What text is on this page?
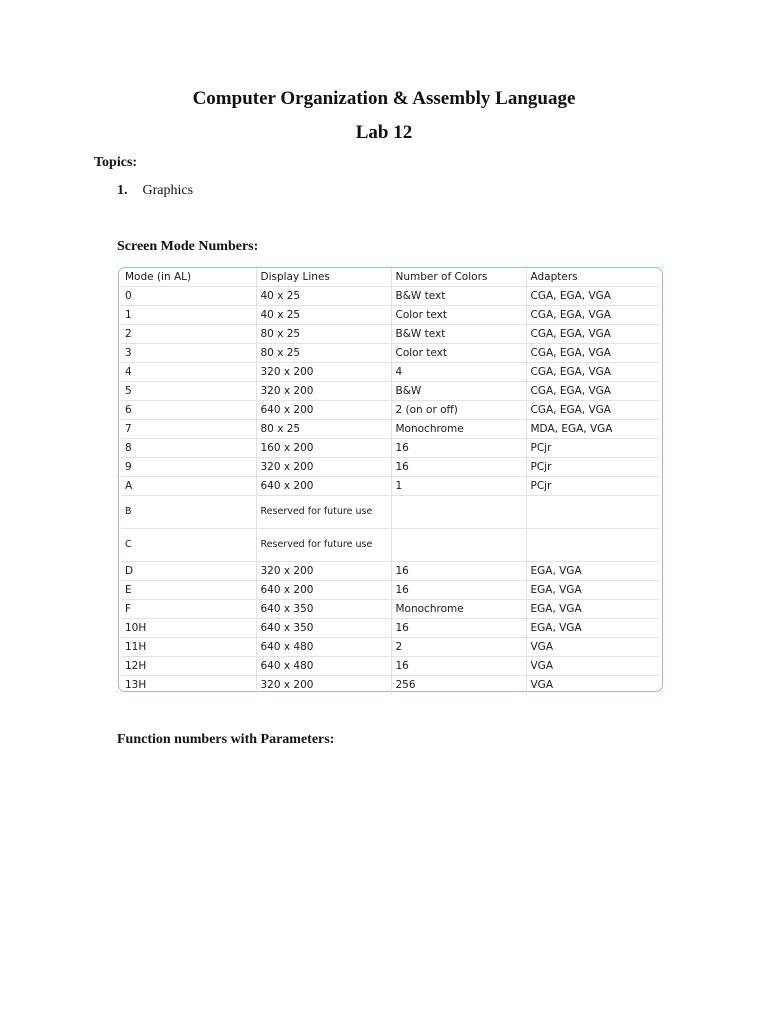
Computer Organization & Assembly Language
Lab 12
Topics:
1. Graphics
Screen Mode Numbers:
·	·
·	·
·	·	·
Mode (in AL)	Display Lines	Number of Colors	Adapters
0	40 x 25	B&W text	CGA, EGA, VGA
1	40 x 25	Color text	CGA, EGA, VGA
2	80 x 25	B&W text	CGA, EGA, VGA
3	80 x 25	Color text	CGA, EGA, VGA
4	320 x 200	4	CGA, EGA, VGA
5	320 x 200	B&W	CGA, EGA, VGA
6	640 x 200	2 (on or off)	CGA, EGA, VGA
7	80 x 25	Monochrome	MDA, EGA, VGA
8	160 x 200	16	PCjr
9	320 x 200	16	PCjr
A	640 x 200	1	PCjr
B	Reserved for future use		
C	Reserved for future use		
D	320 x 200	16	EGA, VGA
E	640 x 200	16	EGA, VGA
F	640 x 350	Monochrome	EGA, VGA
10H	640 x 350	16	EGA, VGA
11H	640 x 480	2	VGA
12H	640 x 480	16	VGA
13H	320 x 200	256	VGA
Function numbers with Parameters:
